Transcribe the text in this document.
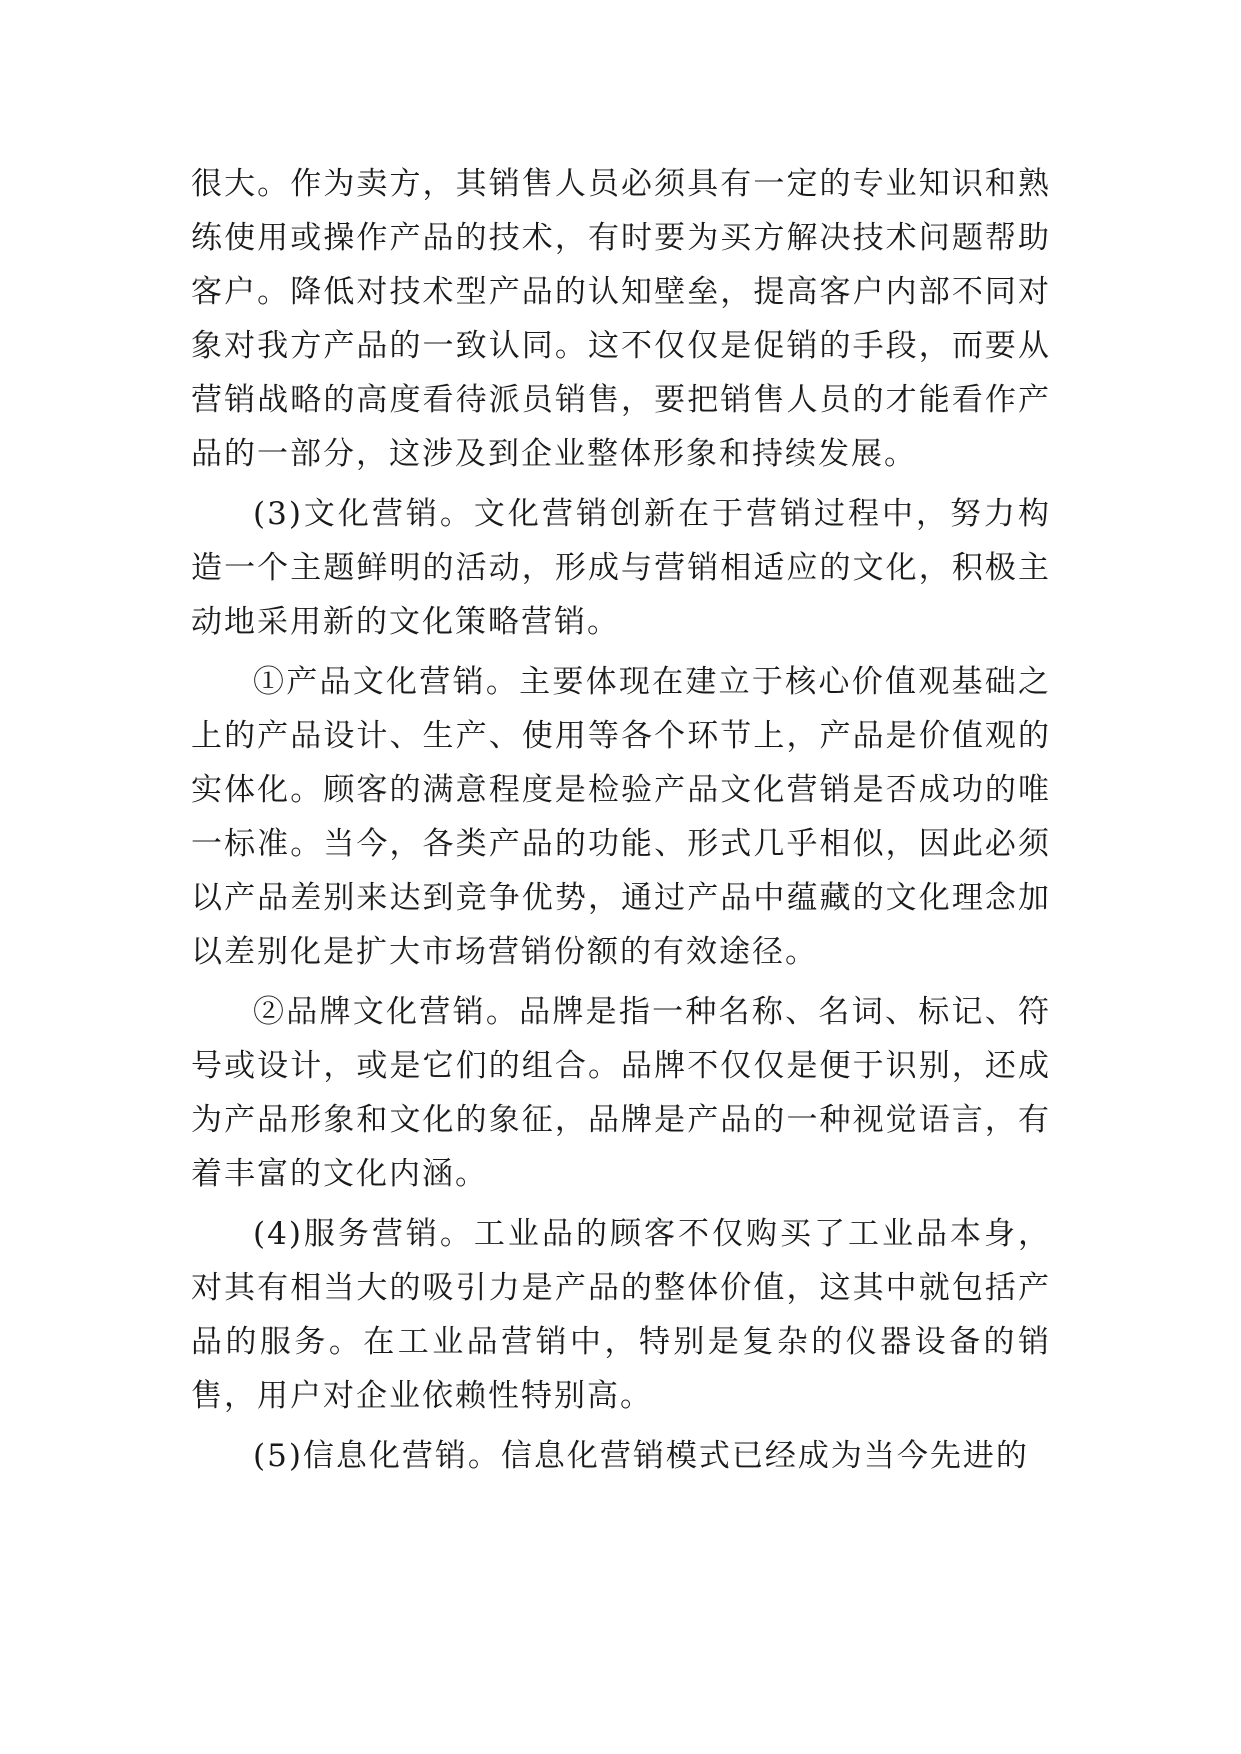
很大。作为卖方，其销售人员必须具有一定的专业知识和熟练使用或操作产品的技术，有时要为买方解决技术问题帮助客户。降低对技术型产品的认知壁垒，提高客户内部不同对象对我方产品的一致认同。这不仅仅是促销的手段，而要从营销战略的高度看待派员销售，要把销售人员的才能看作产品的一部分，这涉及到企业整体形象和持续发展。

(3)文化营销。文化营销创新在于营销过程中，努力构造一个主题鲜明的活动，形成与营销相适应的文化，积极主动地采用新的文化策略营销。

①产品文化营销。主要体现在建立于核心价值观基础之上的产品设计、生产、使用等各个环节上，产品是价值观的实体化。顾客的满意程度是检验产品文化营销是否成功的唯一标准。当今，各类产品的功能、形式几乎相似，因此必须以产品差别来达到竞争优势，通过产品中蕴藏的文化理念加以差别化是扩大市场营销份额的有效途径。

②品牌文化营销。品牌是指一种名称、名词、标记、符号或设计，或是它们的组合。品牌不仅仅是便于识别，还成为产品形象和文化的象征，品牌是产品的一种视觉语言，有着丰富的文化内涵。

(4)服务营销。工业品的顾客不仅购买了工业品本身，对其有相当大的吸引力是产品的整体价值，这其中就包括产品的服务。在工业品营销中，特别是复杂的仪器设备的销售，用户对企业依赖性特别高。

(5)信息化营销。信息化营销模式已经成为当今先进的
